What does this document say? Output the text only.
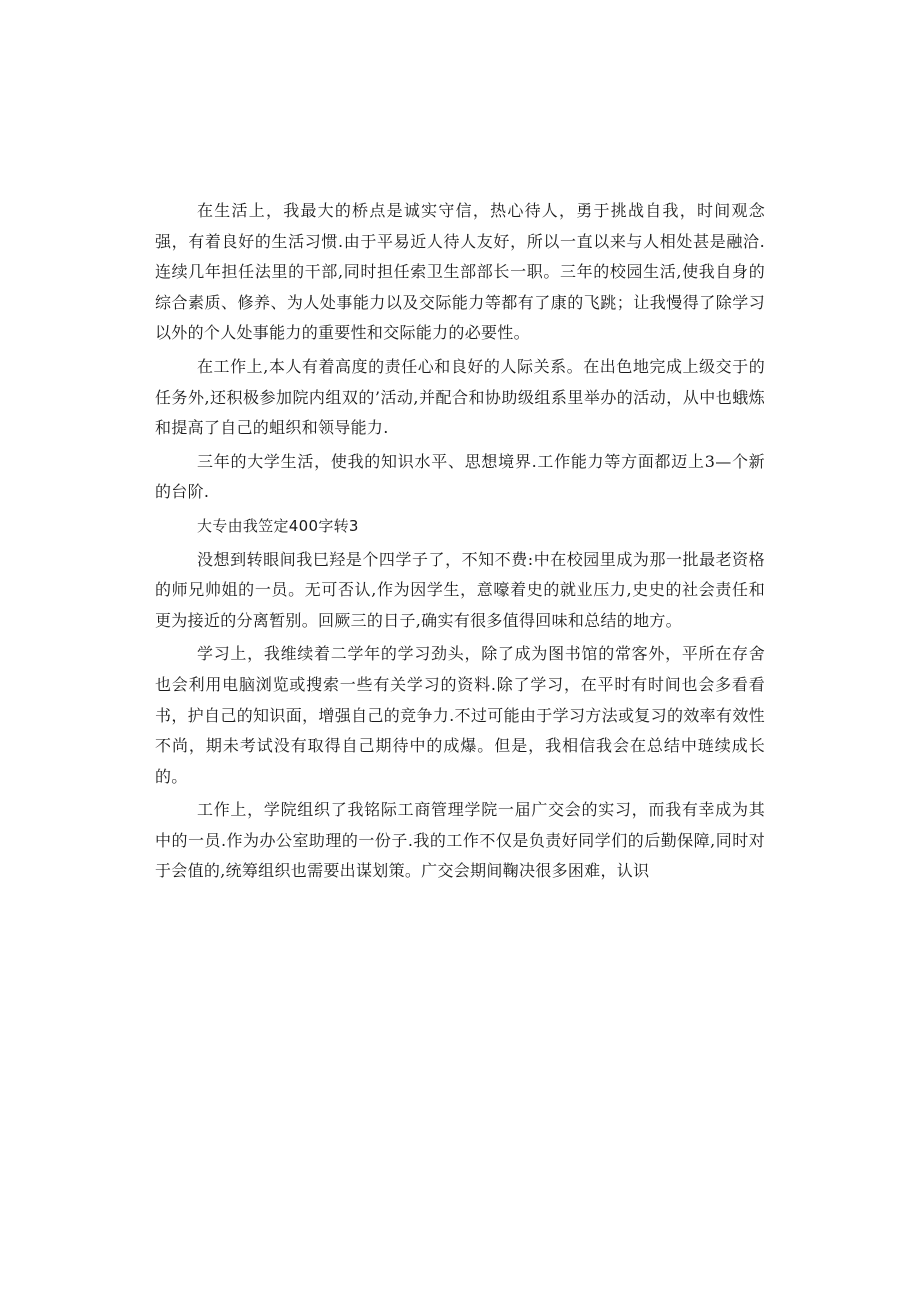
在生活上，我最大的桥点是诚实守信，热心待人，勇于挑战自我，时间观念强，有着良好的生活习惯.由于平易近人待人友好，所以一直以来与人相处甚是融洽.连续几年担任法里的干部,同时担任索卫生部部长一职。三年的校园生活,使我自身的综合素质、修养、为人处事能力以及交际能力等都有了康的飞跳；让我慢得了除学习以外的个人处事能力的重要性和交际能力的必要性。

在工作上,本人有着高度的责任心和良好的人际关系。在出色地完成上级交于的任务外,还积极参加院内组双的’活动,并配合和协助级组系里举办的活动，从中也蛾炼和提高了自己的蛆织和领导能力.

三年的大学生活，使我的知识水平、思想境界.工作能力等方面都迈上3—个新的台阶.

大专由我笠定400字转3

没想到转眼间我巳羟是个四学子了，不知不费:中在校园里成为那一批最老资格的师兄帅姐的一员。无可否认,作为因学生，意嚎着史的就业压力,史史的社会责任和更为接近的分离暂别。回厥三的日子,确实有很多值得回味和总结的地方。

学习上，我维续着二学年的学习劲头，除了成为图书馆的常客外，平所在存舍也会利用电脑浏览或搜索一些有关学习的资料.除了学习，在平时有时间也会多看看书，护自己的知识面，增强自己的竞争力.不过可能由于学习方法或复习的效率有效性不尚，期未考试没有取得自己期待中的成爆。但是，我相信我会在总结中琏续成长的。

工作上，学院组织了我铭际工商管理学院一届广交会的实习，而我有幸成为其中的一员.作为办公室助理的一份子.我的工作不仅是负责好同学们的后勤保障,同时对于会值的,统筹组织也需要出谋划策。广交会期间鞠决很多困难，认识
